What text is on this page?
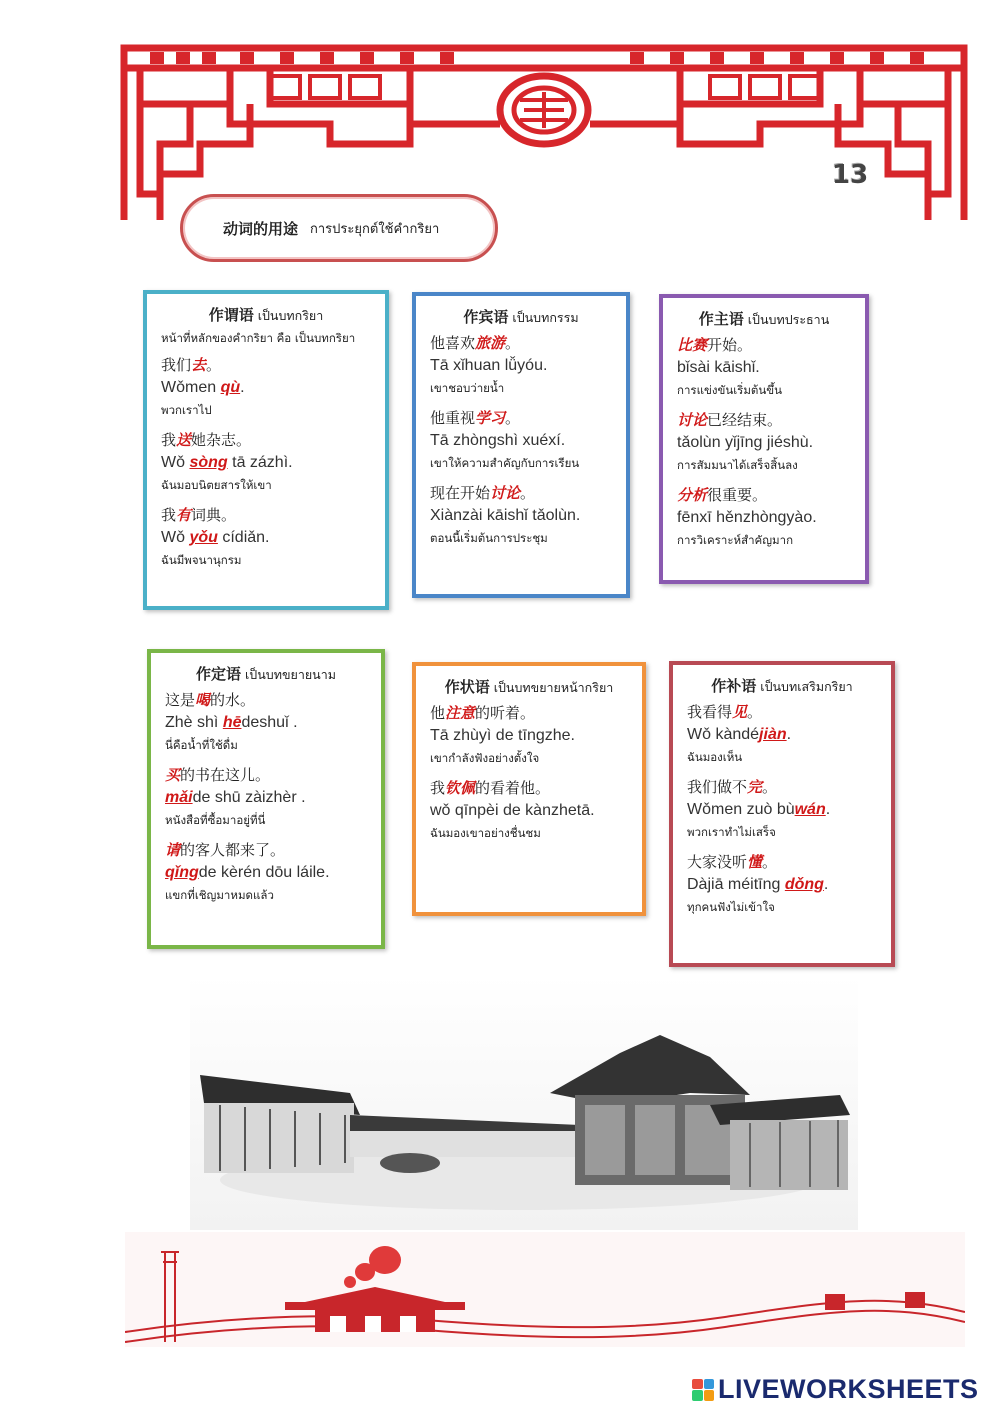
13
动词的用途 การประยุกต์ใช้คำกริยา
作谓语 เป็นบทกริยา
หน้าที่หลักของคำกริยา คือ เป็นบทกริยา
我们去。
Wǒmen qù.
พวกเราไป
我送她杂志。
Wǒ sòng tā zázhì.
ฉันมอบนิตยสารให้เขา
我有词典。
Wǒ yǒu cídiǎn.
ฉันมีพจนานุกรม
作宾语 เป็นบทกรรม
他喜欢旅游。
Tā xǐhuan lǚyóu.
เขาชอบว่ายน้ำ
他重视学习。
Tā zhòngshì xuéxí.
เขาให้ความสำคัญกับการเรียน
现在开始讨论。
Xiànzài kāishǐ tǎolùn.
ตอนนี้เริ่มต้นการประชุม
作主语 เป็นบทประธาน
比赛开始。
bǐsài kāishǐ.
การแข่งขันเริ่มต้นขึ้น
讨论已经结束。
tǎolùn yǐjīng jiéshù.
การสัมมนาได้เสร็จสิ้นลง
分析很重要。
fēnxī hěnzhòngyào.
การวิเคราะห์สำคัญมาก
作定语 เป็นบทขยายนาม
这是喝的水。
Zhè shì hēdeshuǐ .
นี่คือน้ำที่ใช้ดื่ม
买的书在这儿。
mǎide shū zàizhèr .
หนังสือที่ซื้อมาอยู่ที่นี่
请的客人都来了。
qǐngde kèrén dōu láile.
แขกที่เชิญมาหมดแล้ว
作状语 เป็นบทขยายหน้ากริยา
他注意的听着。
Tā zhùyì de tīngzhe.
เขากำลังฟังอย่างตั้งใจ
我钦佩的看着他。
wǒ qīnpèi de kànzhetā.
ฉันมองเขาอย่างชื่นชม
作补语 เป็นบทเสริมกริยา
我看得见。
Wǒ kàndéjiàn.
ฉันมองเห็น
我们做不完。
Wǒmen zuò bùwán.
พวกเราทำไม่เสร็จ
大家没听懂。
Dàjiā méitīng dǒng.
ทุกคนฟังไม่เข้าใจ
LIVEWORKSHEETS
